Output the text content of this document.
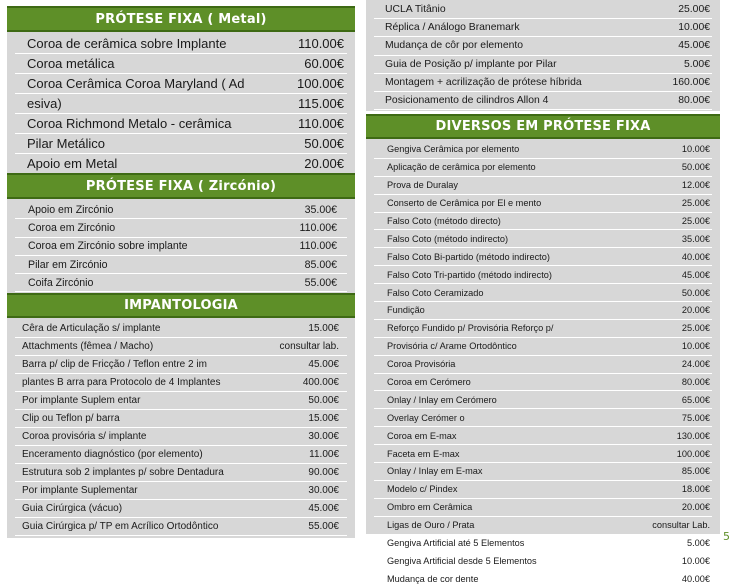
PRÓTESE FIXA ( Metal)
Coroa de cerâmica sobre Implante	110.00€
Coroa metálica	60.00€
Coroa Cerâmica Coroa Maryland ( Ad	100.00€
esiva)	115.00€
Coroa Richmond Metalo - cerâmica	110.00€
Pilar Metálico	50.00€
Apoio em Metal	20.00€
PRÓTESE FIXA ( Zircónio)
Apoio em Zircónio	35.00€
Coroa em Zircónio	110.00€
Coroa em Zircónio sobre implante	110.00€
Pilar em Zircónio	85.00€
Coifa Zircónio	55.00€
IMPANTOLOGIA
Cêra de Articulação s/ implante	15.00€
Attachments (fêmea / Macho)	consultar lab.
Barra p/ clip de Fricção / Teflon entre 2 im	45.00€
plantes B arra para Protocolo de 4 Implantes	400.00€
Por implante Suplem entar	50.00€
Clip ou Teflon p/ barra	15.00€
Coroa provisória s/ implante	30.00€
Enceramento diagnóstico (por elemento)	11.00€
Estrutura sob 2 implantes p/ sobre Dentadura	90.00€
Por implante Suplementar	30.00€
Guia Cirúrgica (vácuo)	45.00€
Guia Cirúrgica p/ TP em Acrílico Ortodôntico	55.00€
UCLA Titânio	25.00€
Réplica / Análogo Branemark	10.00€
Mudança de côr por elemento	45.00€
Guia de Posição p/ implante por Pilar	5.00€
Montagem + acrilização de prótese híbrida	160.00€
Posicionamento de cilindros Allon 4	80.00€
DIVERSOS EM PRÓTESE FIXA
Gengiva Cerâmica por elemento	10.00€
Aplicação de cerâmica por elemento	50.00€
Prova de Duralay	12.00€
Conserto de Cerâmica por El e mento	25.00€
Falso Coto (método directo)	25.00€
Falso Coto (método indirecto)	35.00€
Falso Coto Bi-partido (método indirecto)	40.00€
Falso Coto Tri-partido (método indirecto)	45.00€
Falso Coto Ceramizado	50.00€
Fundição	20.00€
Reforço Fundido p/ Provisória Reforço p/	25.00€
Provisória c/ Arame Ortodôntico	10.00€
Coroa Provisória	24.00€
Coroa em Cerómero	80.00€
Onlay / Inlay em Cerómero	65.00€
Overlay Cerómer o	75.00€
Coroa em E-max	130.00€
Faceta em E-max	100.00€
Onlay / Inlay em E-max	85.00€
Modelo c/ Pindex	18.00€
Ombro em Cerâmica	20.00€
Ligas de Ouro / Prata	consultar Lab.
Gengiva Artificial até 5 Elementos	5.00€
Gengiva Artificial desde 5 Elementos	10.00€
Mudança de cor dente	40.00€
5
